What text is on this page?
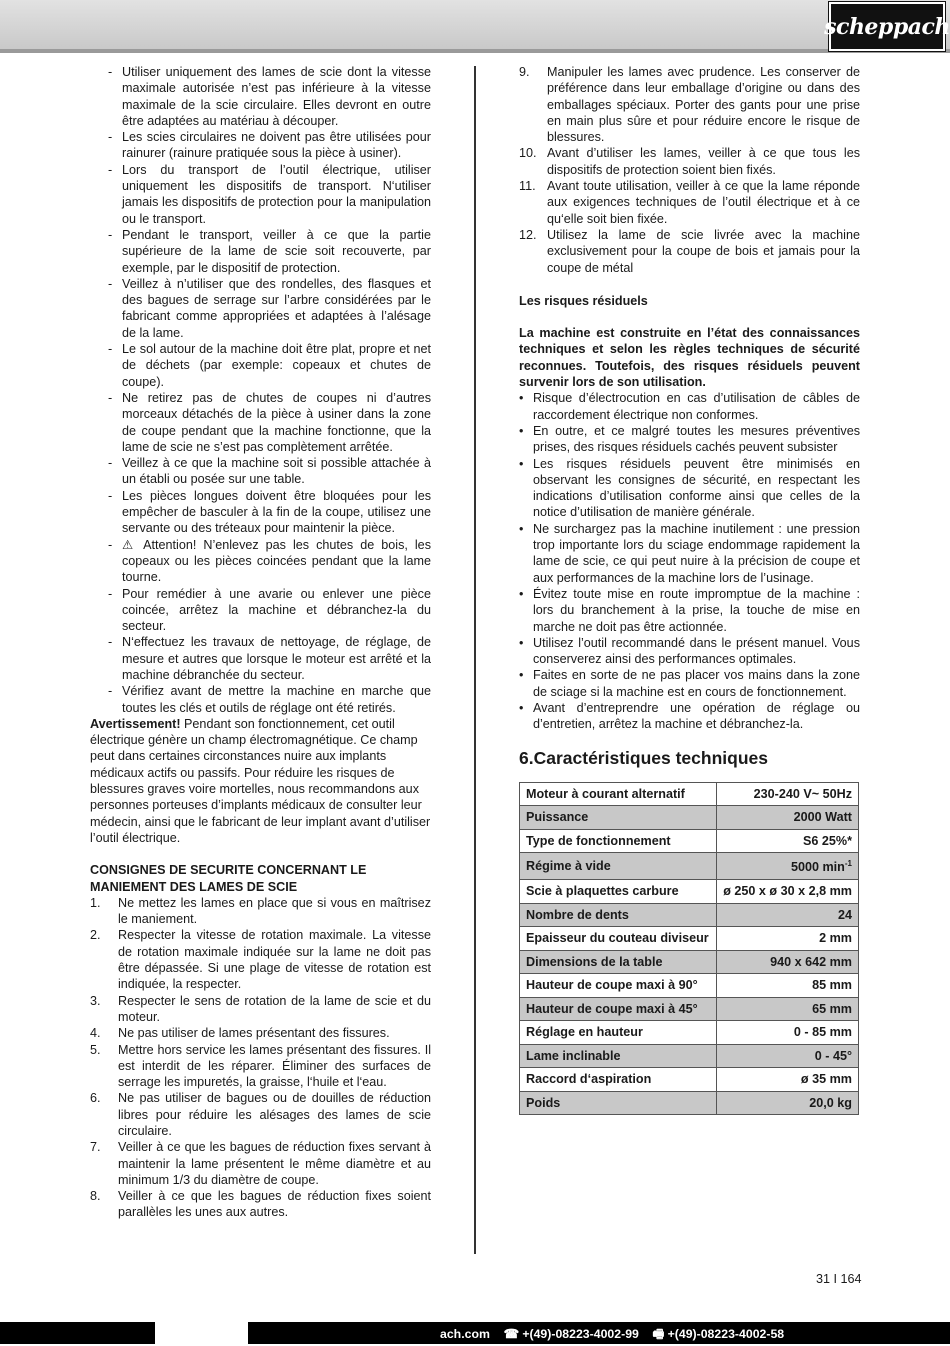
scheppach
- Utiliser uniquement des lames de scie dont la vitesse maximale autorisée n’est pas inférieure à la vitesse maximale de la scie circulaire. Elles devront en outre être adaptées au matériau à découper.
- Les scies circulaires ne doivent pas être utilisées pour rainurer (rainure pratiquée sous la pièce à usiner).
- Lors du transport de l’outil électrique, utiliser uniquement les dispositifs de transport. N‘utiliser jamais les dispositifs de protection pour la manipulation ou le transport.
- Pendant le transport, veiller à ce que la partie supérieure de la lame de scie soit recouverte, par exemple, par le dispositif de protection.
- Veillez à n’utiliser que des rondelles, des flasques et des bagues de serrage sur l’arbre considérées par le fabricant comme appropriées et adaptées à l’alésage de la lame.
- Le sol autour de la machine doit être plat, propre et net de déchets (par exemple: copeaux et chutes de coupe).
- Ne retirez pas de chutes de coupes ni d’autres morceaux détachés de la pièce à usiner dans la zone de coupe pendant que la machine fonctionne, que la lame de scie ne s’est pas complètement arrêtée.
- Veillez à ce que la machine soit si possible attachée à un établi ou posée sur une table.
- Les pièces longues doivent être bloquées pour les empêcher de basculer à la fin de la coupe, utilisez une servante ou des tréteaux pour maintenir la pièce.
- ⚠ Attention! N’enlevez pas les chutes de bois, les copeaux ou les pièces coincées pendant que la lame tourne.
- Pour remédier à une avarie ou enlever une pièce coincée, arrêtez la machine et débranchez-la du secteur.
- N‘effectuez les travaux de nettoyage, de réglage, de mesure et autres que lorsque le moteur est arrêté et la machine débranchée du secteur.
- Vérifiez avant de mettre la machine en marche que toutes les clés et outils de réglage ont été retirés.
Avertissement! Pendant son fonctionnement, cet outil électrique génère un champ électromagnétique. Ce champ peut dans certaines circonstances nuire aux implants médicaux actifs ou passifs. Pour réduire les risques de blessures graves voire mortelles, nous recommandons aux personnes porteuses d’implants médicaux de consulter leur médecin, ainsi que le fabricant de leur implant avant d’utiliser l’outil électrique.
CONSIGNES DE SECURITE CONCERNANT LE MANIEMENT DES LAMES DE SCIE
1. Ne mettez les lames en place que si vous en maîtrisez le maniement.
2. Respecter la vitesse de rotation maximale. La vitesse de rotation maximale indiquée sur la lame ne doit pas être dépassée. Si une plage de vitesse de rotation est indiquée, la respecter.
3. Respecter le sens de rotation de la lame de scie et du moteur.
4. Ne pas utiliser de lames présentant des fissures.
5. Mettre hors service les lames présentant des fissures. Il est interdit de les réparer. Éliminer des surfaces de serrage les impuretés, la graisse, l‘huile et l‘eau.
6. Ne pas utiliser de bagues ou de douilles de réduction libres pour réduire les alésages des lames de scie circulaire.
7. Veiller à ce que les bagues de réduction fixes servant à maintenir la lame présentent le même diamètre et au minimum 1/3 du diamètre de coupe.
8. Veiller à ce que les bagues de réduction fixes soient parallèles les unes aux autres.
9. Manipuler les lames avec prudence. Les conserver de préférence dans leur emballage d’origine ou dans des emballages spéciaux. Porter des gants pour une prise en main plus sûre et pour réduire encore le risque de blessures.
10. Avant d’utiliser les lames, veiller à ce que tous les dispositifs de protection soient bien fixés.
11. Avant toute utilisation, veiller à ce que la lame réponde aux exigences techniques de l’outil électrique et à ce qu‘elle soit bien fixée.
12. Utilisez la lame de scie livrée avec la machine exclusivement pour la coupe de bois et jamais pour la coupe de métal
Les risques résiduels
La machine est construite en l’état des connaissances techniques et selon les règles techniques de sécurité reconnues. Toutefois, des risques résiduels peuvent survenir lors de son utilisation.
• Risque d’électrocution en cas d’utilisation de câbles de raccordement électrique non conformes.
• En outre, et ce malgré toutes les mesures préventives prises, des risques résiduels cachés peuvent subsister
• Les risques résiduels peuvent être minimisés en observant les consignes de sécurité, en respectant les indications d’utilisation conforme ainsi que celles de la notice d’utilisation de manière générale.
• Ne surchargez pas la machine inutilement : une pression trop importante lors du sciage endommage rapidement la lame de scie, ce qui peut nuire à la précision de coupe et aux performances de la machine lors de l’usinage.
• Évitez toute mise en route impromptue de la machine : lors du branchement à la prise, la touche de mise en marche ne doit pas être actionnée.
• Utilisez l’outil recommandé dans le présent manuel. Vous conserverez ainsi des performances optimales.
• Faites en sorte de ne pas placer vos mains dans la zone de sciage si la machine est en cours de fonctionnement.
• Avant d’entreprendre une opération de réglage ou d’entretien, arrêtez la machine et débranchez-la.
6.Caractéristiques techniques
Moteur à courant alternatif	230-240 V~ 50Hz
Puissance	2000 Watt
Type de fonctionnement	S6 25%*
Régime à vide	5000 $\min^{-1}$
Scie à plaquettes carbure	ø 250 x ø 30 x 2,8 mm
Nombre de dents	24
Epaisseur du couteau diviseur	2 mm
Dimensions de la table	940 x 642 mm
Hauteur de coupe maxi à 90°	85 mm
Hauteur de coupe maxi à 45°	65 mm
Réglage en hauteur	0 - 85 mm
Lame inclinable	0 - 45°
Raccord d‘aspiration	ø 35 mm
Poids	20,0 kg
31 I 164
ach.com ☎ +(49)-08223-4002-99 🖷 +(49)-08223-4002-58
